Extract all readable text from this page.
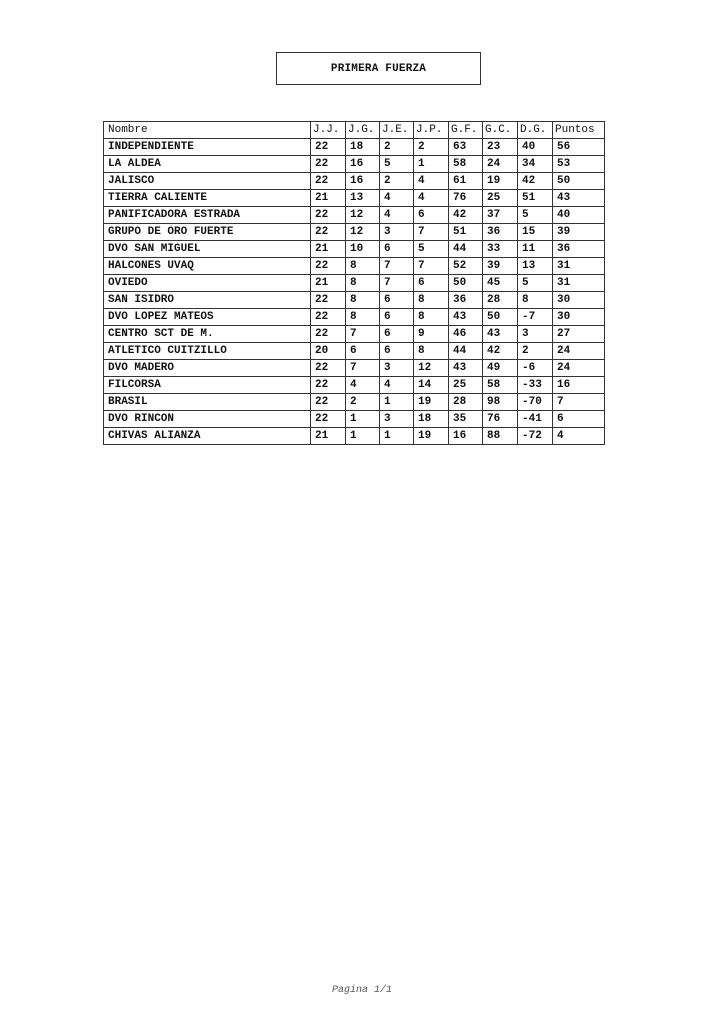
PRIMERA FUERZA
Nombre	J.J.	J.G.	J.E.	J.P.	G.F.	G.C.	D.G.	Puntos
INDEPENDIENTE	22	18	2	2	63	23	40	56
LA ALDEA	22	16	5	1	58	24	34	53
JALISCO	22	16	2	4	61	19	42	50
TIERRA CALIENTE	21	13	4	4	76	25	51	43
PANIFICADORA ESTRADA	22	12	4	6	42	37	5	40
GRUPO DE ORO FUERTE	22	12	3	7	51	36	15	39
DVO SAN MIGUEL	21	10	6	5	44	33	11	36
HALCONES UVAQ	22	8	7	7	52	39	13	31
OVIEDO	21	8	7	6	50	45	5	31
SAN ISIDRO	22	8	6	8	36	28	8	30
DVO LOPEZ MATEOS	22	8	6	8	43	50	-7	30
CENTRO SCT DE M.	22	7	6	9	46	43	3	27
ATLETICO CUITZILLO	20	6	6	8	44	42	2	24
DVO MADERO	22	7	3	12	43	49	-6	24
FILCORSA	22	4	4	14	25	58	-33	16
BRASIL	22	2	1	19	28	98	-70	7
DVO RINCON	22	1	3	18	35	76	-41	6
CHIVAS ALIANZA	21	1	1	19	16	88	-72	4
Pagina 1/1
